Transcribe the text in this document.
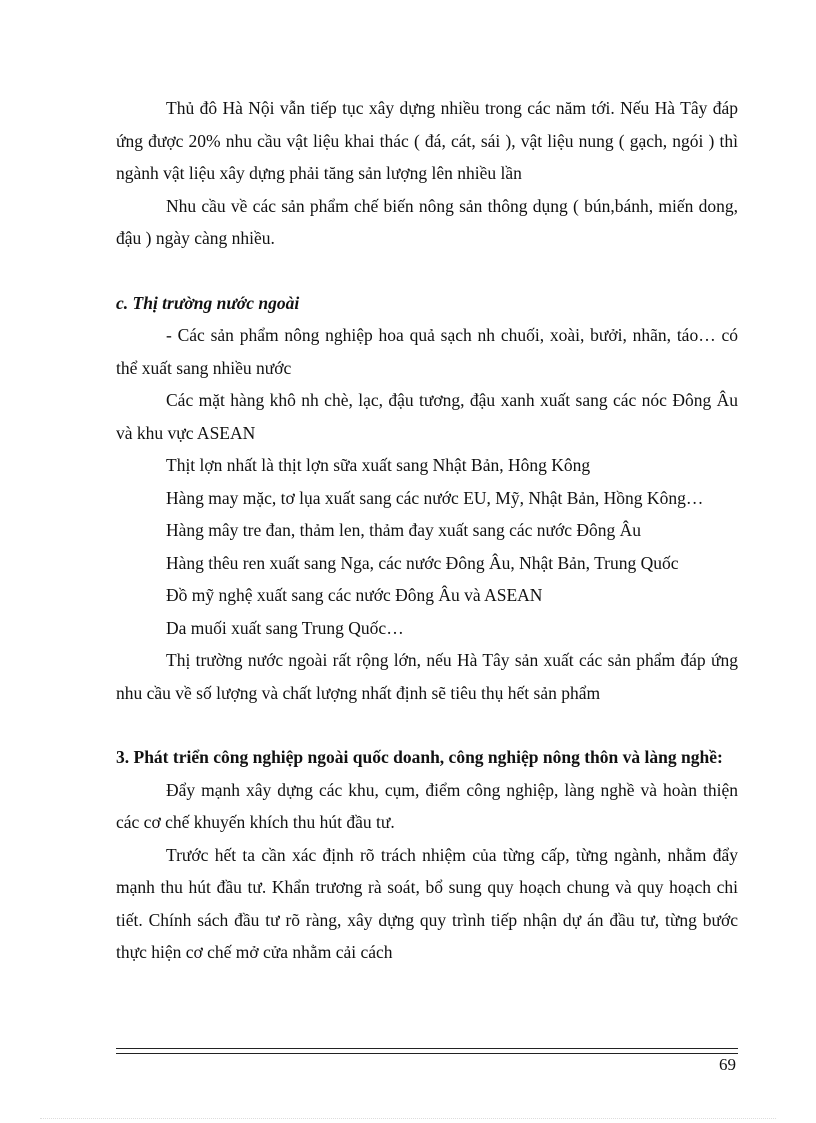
Thủ đô Hà Nội vẫn tiếp tục xây dựng nhiều trong các năm tới. Nếu Hà Tây đáp ứng được 20% nhu cầu vật liệu khai thác ( đá, cát, sái ), vật liệu nung ( gạch, ngói ) thì ngành vật liệu xây dựng phải tăng sản lượng lên nhiều lần

Nhu cầu về các sản phẩm chế biến nông sản thông dụng ( bún,bánh, miến dong, đậu ) ngày càng nhiều.

c. Thị trường nước ngoài

- Các sản phẩm nông nghiệp hoa quả sạch nh chuối, xoài, bưởi, nhãn, táo… có thể xuất sang nhiều nước

Các mặt hàng khô nh chè, lạc, đậu tương, đậu xanh xuất sang các nóc Đông Âu và khu vực ASEAN

Thịt lợn nhất là thịt lợn sữa xuất sang Nhật Bản, Hông Kông

Hàng may mặc, tơ lụa xuất sang các nước EU, Mỹ, Nhật Bản, Hồng Kông…

Hàng mây tre đan, thảm len, thảm đay xuất sang các nước Đông Âu

Hàng thêu ren xuất sang Nga, các nước Đông Âu, Nhật Bản, Trung Quốc

Đồ mỹ nghệ xuất sang các nước Đông Âu và ASEAN

Da muối xuất sang Trung Quốc…

Thị trường nước ngoài rất rộng lớn, nếu Hà Tây sản xuất các sản phẩm đáp ứng nhu cầu về số lượng và chất lượng nhất định sẽ tiêu thụ hết sản phẩm

3. Phát triển công nghiệp ngoài quốc doanh, công nghiệp nông thôn và làng nghề:

Đẩy mạnh xây dựng các khu, cụm, điểm công nghiệp, làng nghề và hoàn thiện các cơ chế khuyến khích thu hút đầu tư.

Trước hết ta cần xác định rõ trách nhiệm của từng cấp, từng ngành, nhằm đẩy mạnh thu hút đầu tư. Khẩn trương rà soát, bổ sung quy hoạch chung và quy hoạch chi tiết. Chính sách đầu tư rõ ràng, xây dựng quy trình tiếp nhận dự án đầu tư, từng bước thực hiện cơ chế mở cửa nhằm cải cách

69
